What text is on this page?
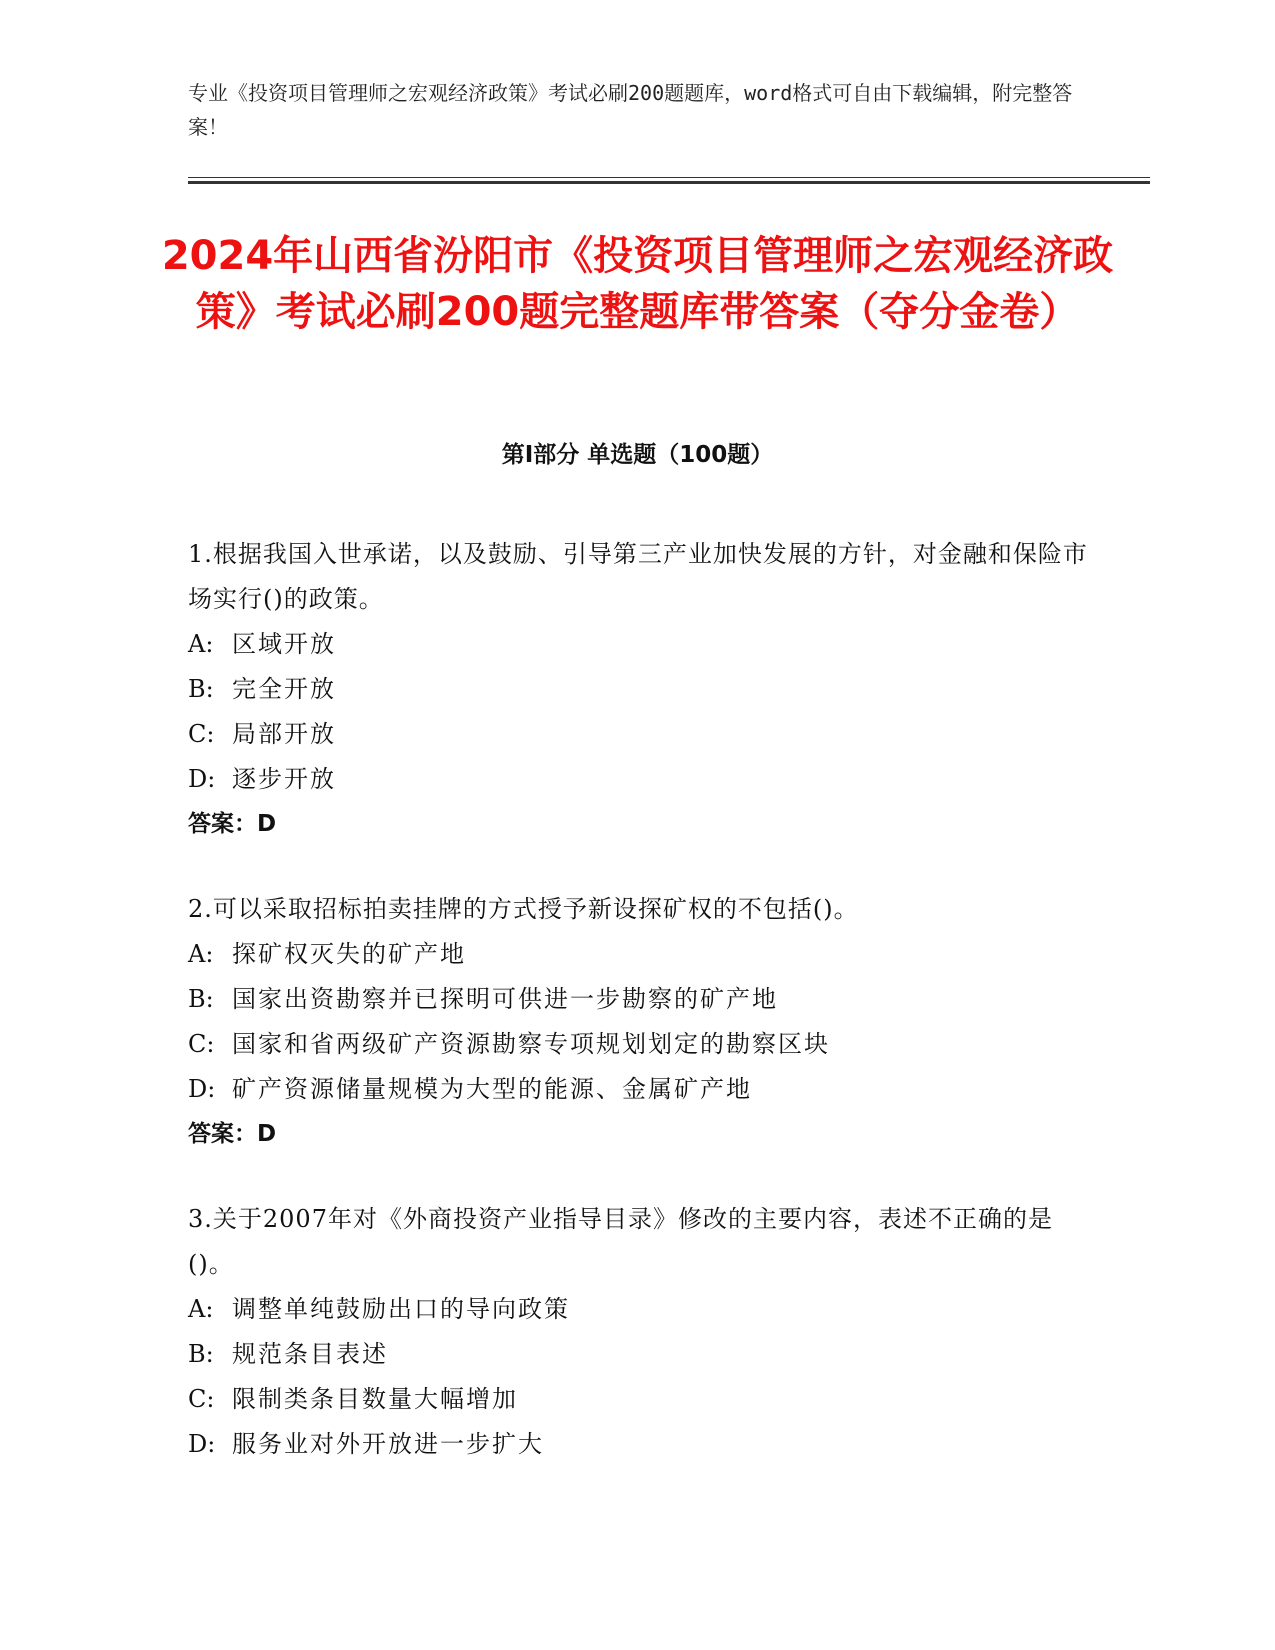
专业《投资项目管理师之宏观经济政策》考试必刷200题题库，word格式可自由下载编辑，附完整答案！
2024年山西省汾阳市《投资项目管理师之宏观经济政策》考试必刷200题完整题库带答案（夺分金卷）
第I部分 单选题（100题）
1.根据我国入世承诺，以及鼓励、引导第三产业加快发展的方针，对金融和保险市场实行()的政策。
A: 区域开放
B: 完全开放
C: 局部开放
D: 逐步开放
答案：D
2.可以采取招标拍卖挂牌的方式授予新设探矿权的不包括()。
A: 探矿权灭失的矿产地
B: 国家出资勘察并已探明可供进一步勘察的矿产地
C: 国家和省两级矿产资源勘察专项规划划定的勘察区块
D: 矿产资源储量规模为大型的能源、金属矿产地
答案：D
3.关于2007年对《外商投资产业指导目录》修改的主要内容，表述不正确的是()。
A: 调整单纯鼓励出口的导向政策
B: 规范条目表述
C: 限制类条目数量大幅增加
D: 服务业对外开放进一步扩大
